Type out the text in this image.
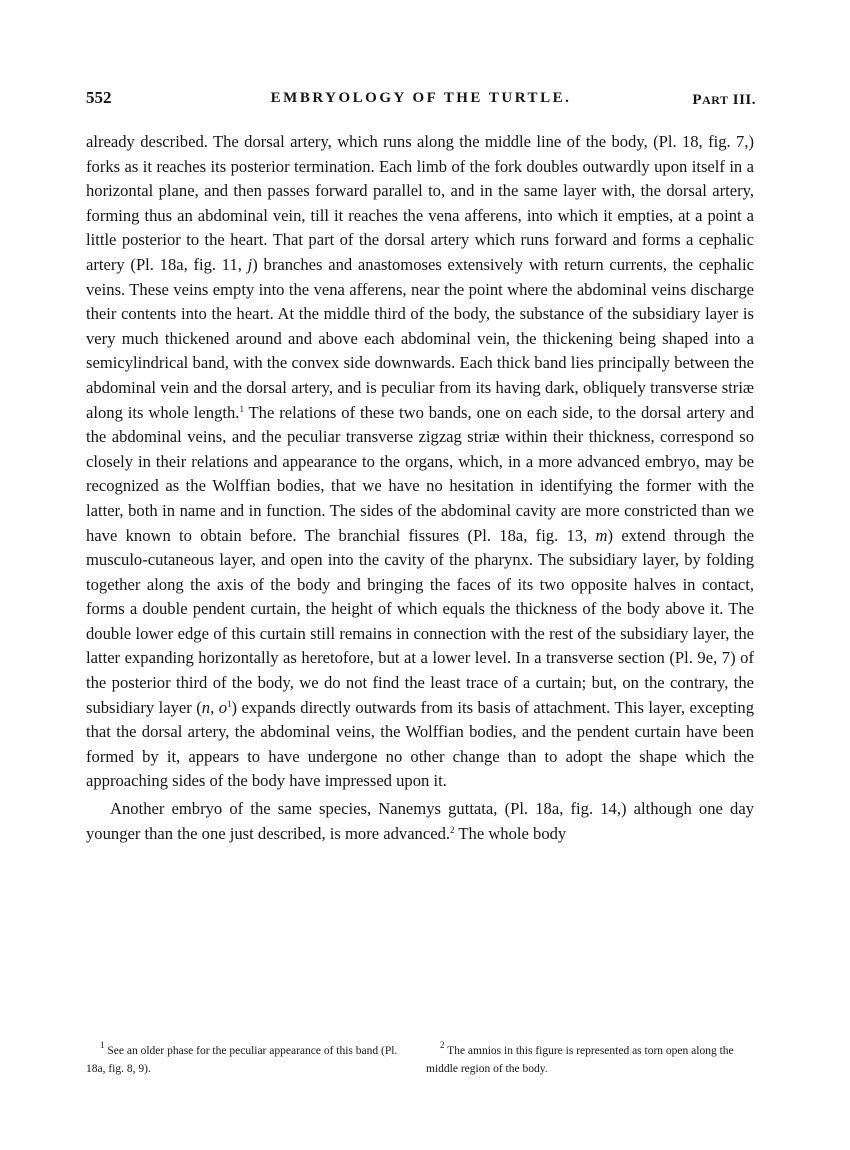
552	EMBRYOLOGY OF THE TURTLE.	PART III.

already described. The dorsal artery, which runs along the middle line of the body, (Pl. 18, fig. 7,) forks as it reaches its posterior termination. Each limb of the fork doubles outwardly upon itself in a horizontal plane, and then passes forward parallel to, and in the same layer with, the dorsal artery, forming thus an abdominal vein, till it reaches the vena afferens, into which it empties, at a point a little posterior to the heart. That part of the dorsal artery which runs forward and forms a cephalic artery (Pl. 18a, fig. 11, j) branches and anastomoses extensively with return currents, the cephalic veins. These veins empty into the vena afferens, near the point where the abdominal veins discharge their contents into the heart. At the middle third of the body, the substance of the subsidiary layer is very much thickened around and above each abdominal vein, the thickening being shaped into a semicylindrical band, with the convex side downwards. Each thick band lies principally between the abdominal vein and the dorsal artery, and is peculiar from its having dark, obliquely transverse striæ along its whole length.$^1$ The relations of these two bands, one on each side, to the dorsal artery and the abdominal veins, and the peculiar transverse zigzag striæ within their thickness, correspond so closely in their relations and appearance to the organs, which, in a more advanced embryo, may be recognized as the Wolffian bodies, that we have no hesitation in identifying the former with the latter, both in name and in function. The sides of the abdominal cavity are more constricted than we have known to obtain before. The branchial fissures (Pl. 18a, fig. 13, m) extend through the musculo-cutaneous layer, and open into the cavity of the pharynx. The subsidiary layer, by folding together along the axis of the body and bringing the faces of its two opposite halves in contact, forms a double pendent curtain, the height of which equals the thickness of the body above it. The double lower edge of this curtain still remains in connection with the rest of the subsidiary layer, the latter expanding horizontally as heretofore, but at a lower level. In a transverse section (Pl. 9e, 7) of the posterior third of the body, we do not find the least trace of a curtain; but, on the contrary, the subsidiary layer (n, $o^1$) expands directly outwards from its basis of attachment. This layer, excepting that the dorsal artery, the abdominal veins, the Wolffian bodies, and the pendent curtain have been formed by it, appears to have undergone no other change than to adopt the shape which the approaching sides of the body have impressed upon it.

Another embryo of the same species, Nanemys guttata, (Pl. 18a, fig. 14,) although one day younger than the one just described, is more advanced.$^2$ The whole body

$^1$ See an older phase for the peculiar appearance of this band (Pl. 18a, fig. 8, 9).
$^2$ The amnios in this figure is represented as torn open along the middle region of the body.
